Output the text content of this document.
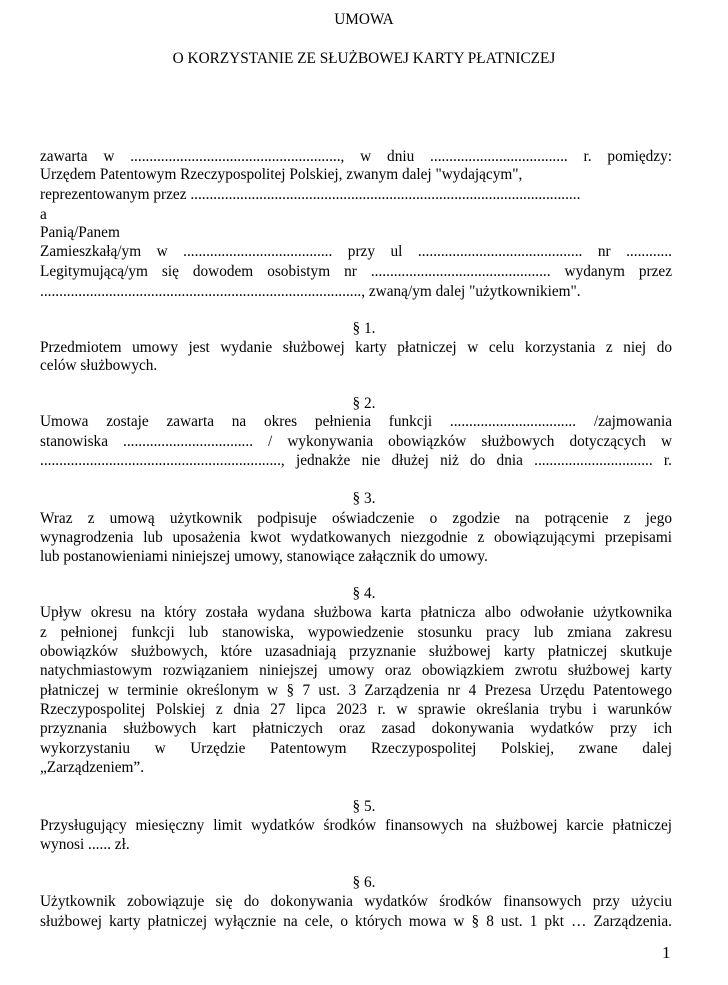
UMOWA
O KORZYSTANIE ZE SŁUŻBOWEJ KARTY PŁATNICZEJ
zawarta w ......................................................., w dniu .................................... r. pomiędzy:
Urzędem Patentowym Rzeczypospolitej Polskiej, zwanym dalej "wydającym",
reprezentowanym przez ......................................................................................................
a
Panią/Panem
Zamieszkałą/ym w ....................................... przy ul ........................................... nr ............
Legitymującą/ym się dowodem osobistym nr ............................................... wydanym przez
...................................................................................., zwaną/ym dalej "użytkownikiem".
§ 1.
Przedmiotem umowy jest wydanie służbowej karty płatniczej w celu korzystania z niej do
celów służbowych.
§ 2.
Umowa zostaje zawarta na okres pełnienia funkcji ................................. /zajmowania
stanowiska .................................. / wykonywania obowiązków służbowych dotyczących w
..............................................................., jednakże nie dłużej niż do dnia ............................... r.
§ 3.
Wraz z umową użytkownik podpisuje oświadczenie o zgodzie na potrącenie z jego
wynagrodzenia lub uposażenia kwot wydatkowanych niezgodnie z obowiązującymi przepisami
lub postanowieniami niniejszej umowy, stanowiące załącznik do umowy.
§ 4.
Upływ okresu na który została wydana służbowa karta płatnicza albo odwołanie użytkownika
z pełnionej funkcji lub stanowiska, wypowiedzenie stosunku pracy lub zmiana zakresu
obowiązków służbowych, które uzasadniają przyznanie służbowej karty płatniczej skutkuje
natychmiastowym rozwiązaniem niniejszej umowy oraz obowiązkiem zwrotu służbowej karty
płatniczej w terminie określonym w § 7 ust. 3 Zarządzenia nr 4 Prezesa Urzędu Patentowego
Rzeczypospolitej Polskiej z dnia 27 lipca 2023 r. w sprawie określania trybu i warunków
przyznania służbowych kart płatniczych oraz zasad dokonywania wydatków przy ich
wykorzystaniu w Urzędzie Patentowym Rzeczypospolitej Polskiej, zwane dalej
„Zarządzeniem”.
§ 5.
Przysługujący miesięczny limit wydatków środków finansowych na służbowej karcie płatniczej
wynosi ...... zł.
§ 6.
Użytkownik zobowiązuje się do dokonywania wydatków środków finansowych przy użyciu
służbowej karty płatniczej wyłącznie na cele, o których mowa w § 8 ust. 1 pkt … Zarządzenia.
1
